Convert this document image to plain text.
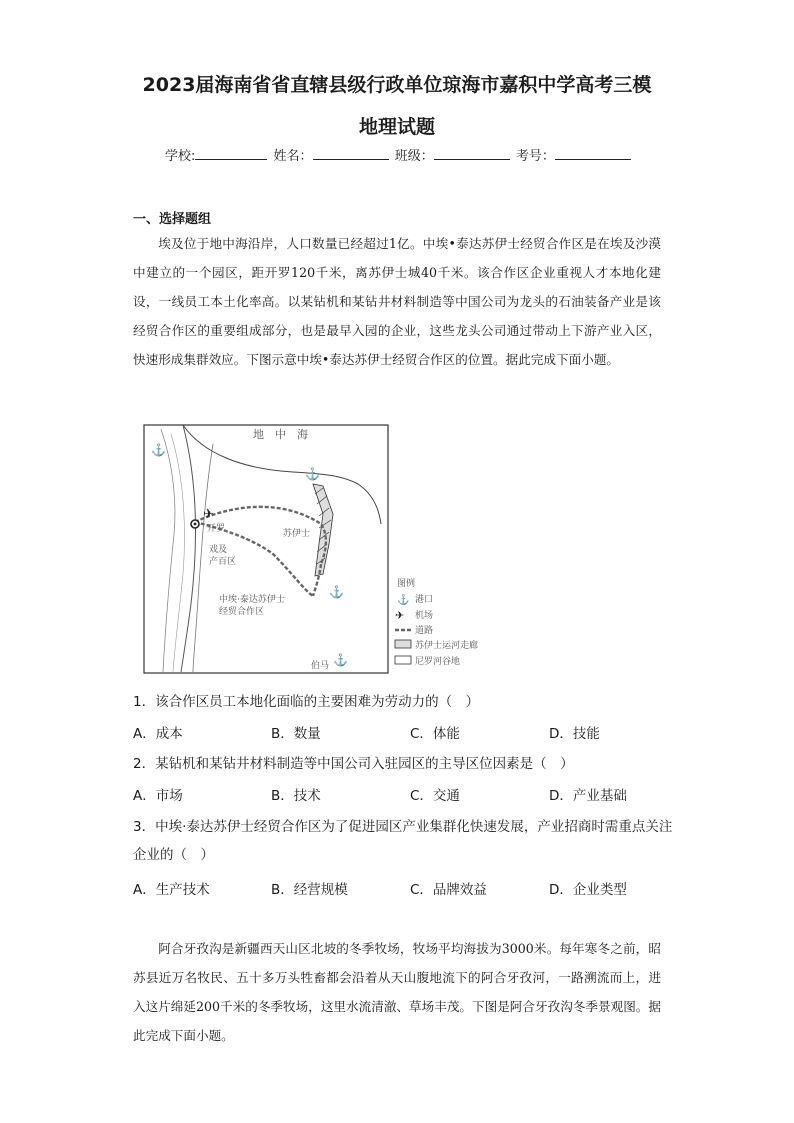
2023届海南省省直辖县级行政单位琼海市嘉积中学高考三模
地理试题
学校:	姓名：	班级：	考号：
一、选择题组
埃及位于地中海沿岸，人口数量已经超过1亿。中埃•泰达苏伊士经贸合作区是在埃及沙漠中建立的一个园区，距开罗120千米，离苏伊士城40千米。该合作区企业重视人才本地化建设，一线员工本土化率高。以某钻机和某钻井材料制造等中国公司为龙头的石油装备产业是该经贸合作区的重要组成部分，也是最早入园的企业，这些龙头公司通过带动上下游产业入区，快速形成集群效应。下图示意中埃•泰达苏伊士经贸合作区的位置。据此完成下面小题。
✈
⚓
⚓
⚓
⚓
地　中　海
开罗	苏伊士
戏及
产百区
中埃·泰达苏伊士
经贸合作区
伯马
图例
⚓ 港口
✈ 机场
道路
苏伊士运河走廊
尼罗河谷地
1．该合作区员工本地化面临的主要困难为劳动力的（　）
A．成本	B．数量	C．体能	D．技能
2．某钻机和某钻井材料制造等中国公司入驻园区的主导区位因素是（　）
A．市场	B．技术	C．交通	D．产业基础
3．中埃·泰达苏伊士经贸合作区为了促进园区产业集群化快速发展，产业招商时需重点关注企业的（　）
A．生产技术	B．经营规模	C．品牌效益	D．企业类型
阿合牙孜沟是新疆西天山区北坡的冬季牧场，牧场平均海拔为3000米。每年寒冬之前，昭苏县近万名牧民、五十多万头牲畜都会沿着从天山腹地流下的阿合牙孜河，一路溯流而上，进入这片绵延200千米的冬季牧场，这里水流清澈、草场丰茂。下图是阿合牙孜沟冬季景观图。据此完成下面小题。
